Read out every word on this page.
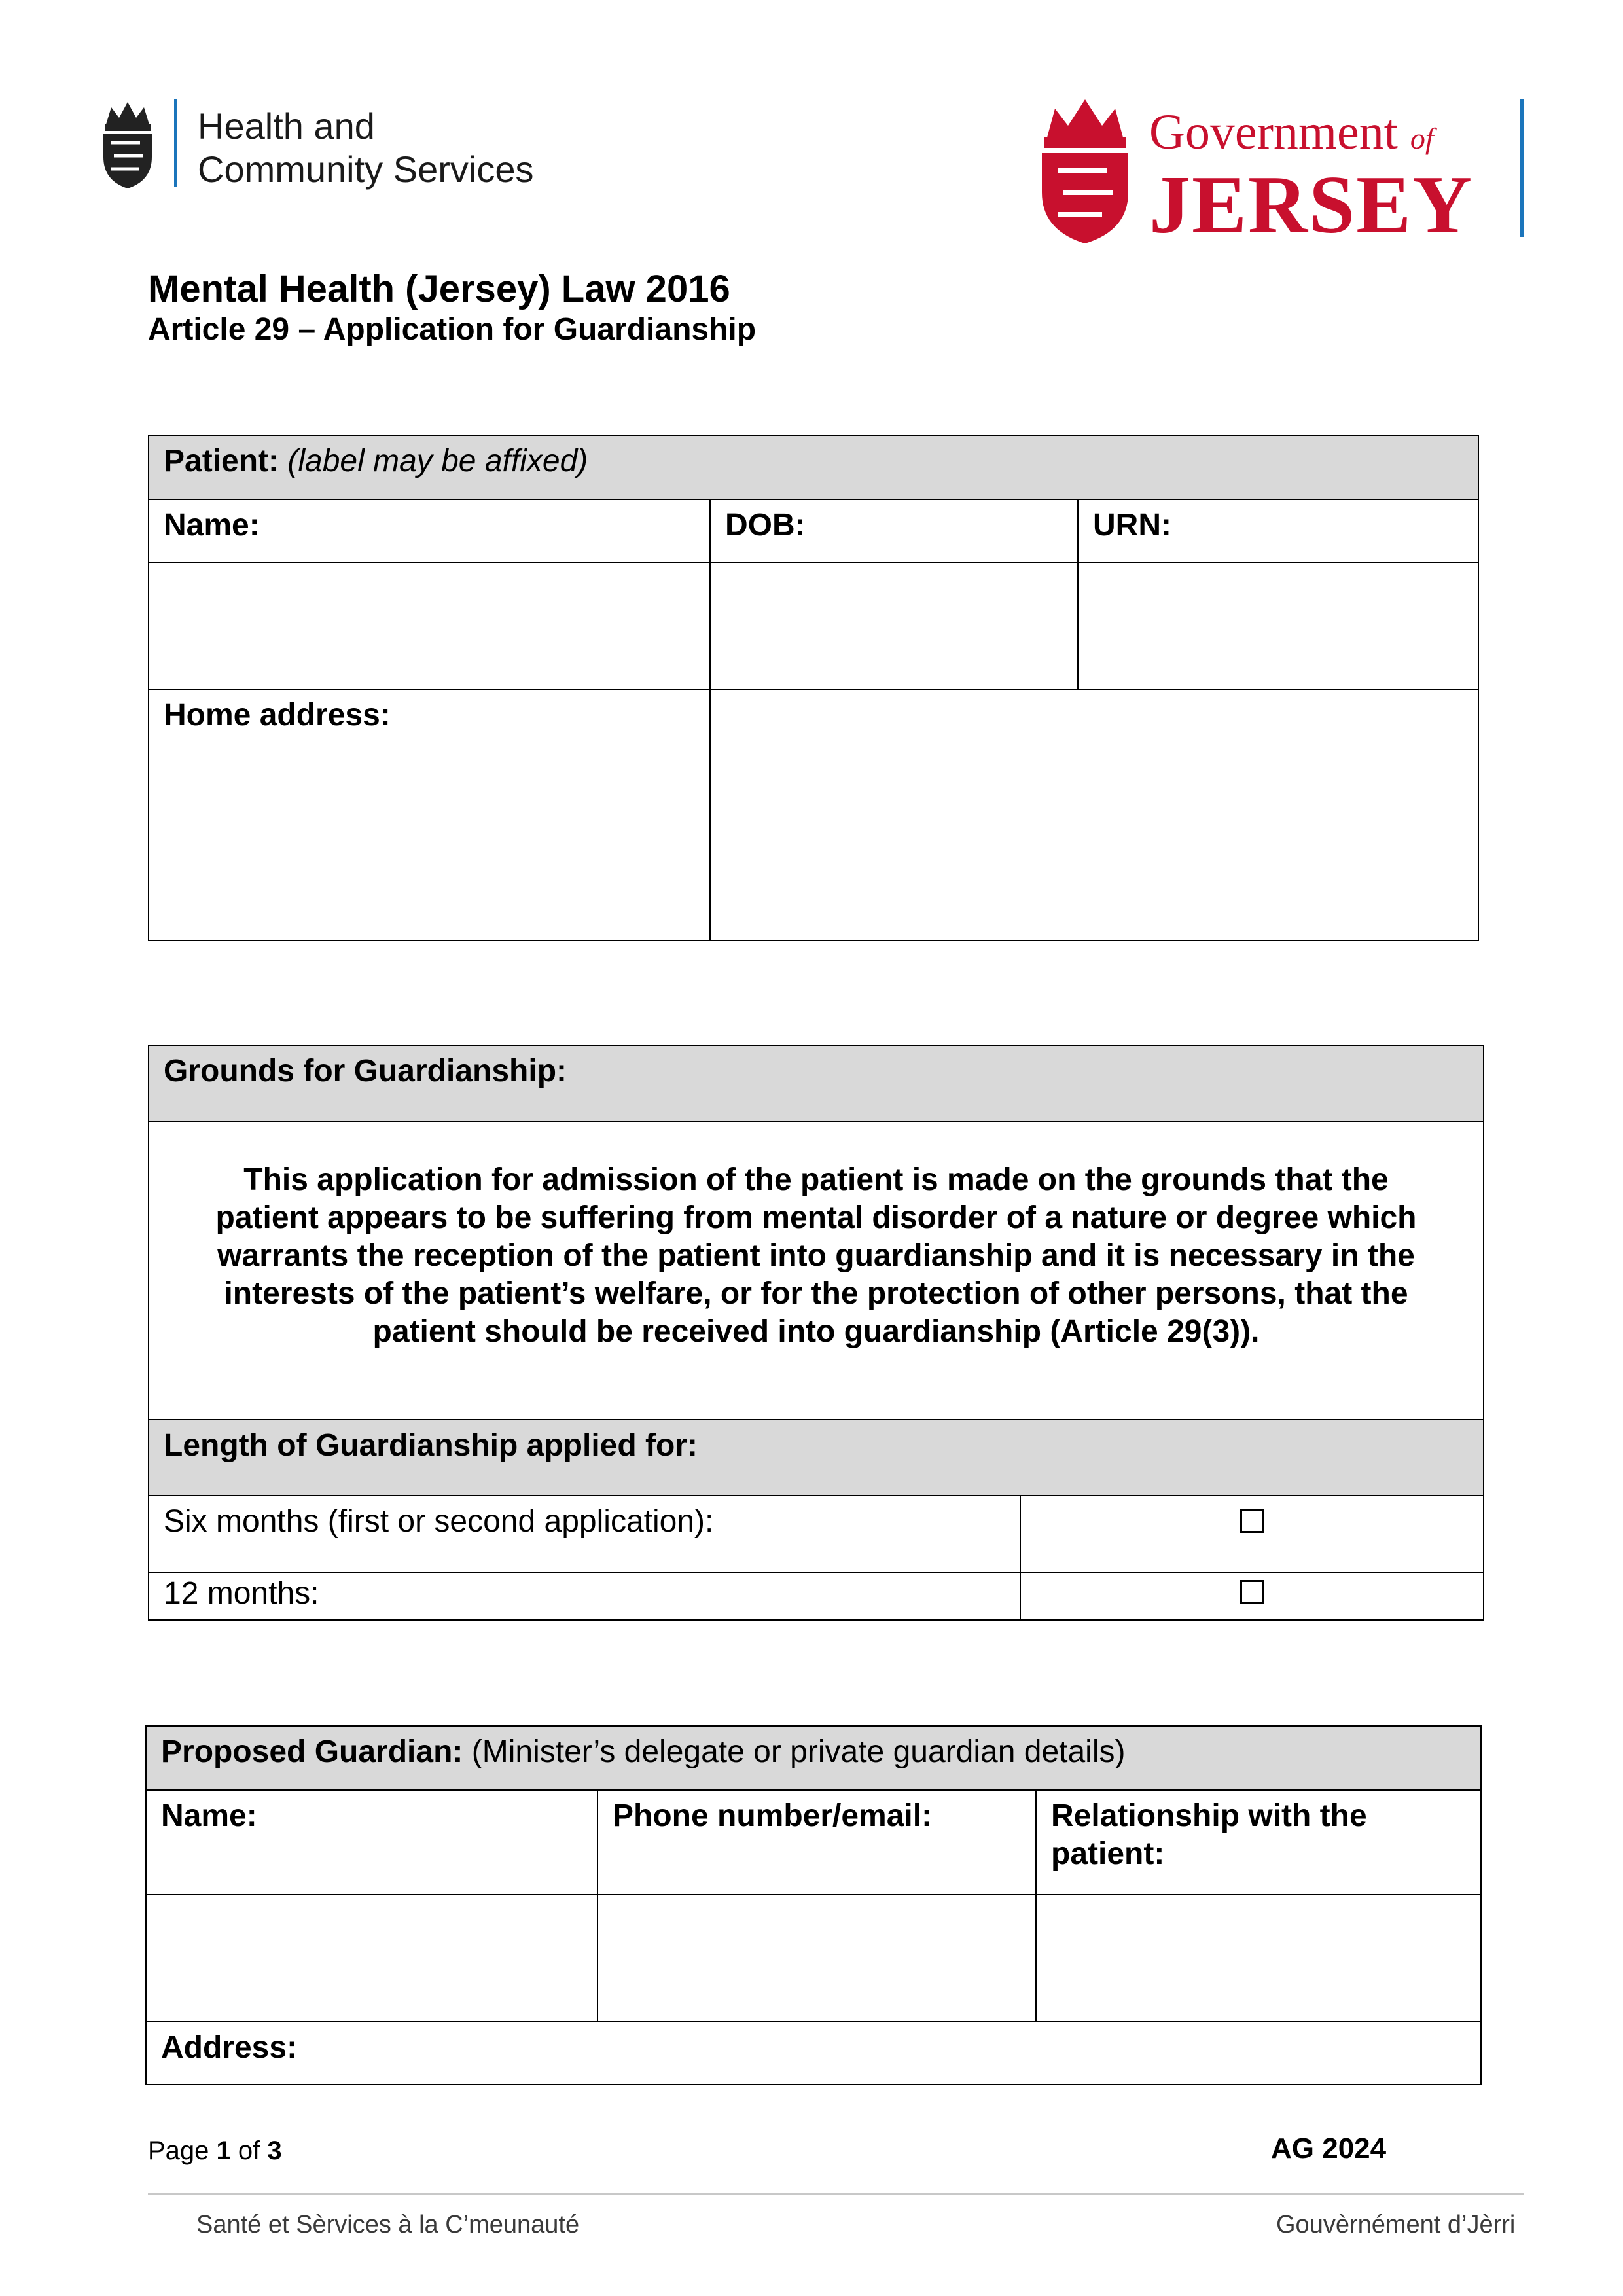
Health and
Community Services
Government of
JERSEY
Mental Health (Jersey) Law 2016
Article 29 – Application for Guardianship
Patient: (label may be affixed)		
Name:	DOB:	URN:

Home address:		
Grounds for Guardianship:	
This application for admission of the patient is made on the grounds that the patient appears to be suffering from mental disorder of a nature or degree which warrants the reception of the patient into guardianship and it is necessary in the interests of the patient’s welfare, or for the protection of other persons, that the patient should be received into guardianship (Article 29(3)).	
Length of Guardianship applied for:	
Six months (first or second application):	
12 months:	
Proposed Guardian: (Minister’s delegate or private guardian details)		
Name:	Phone number/email:	Relationship with the patient:

Address:		
Page 1 of 3	AG 2024
Santé et Sèrvices à la C’meunauté	Gouvèrnément d’Jèrri
